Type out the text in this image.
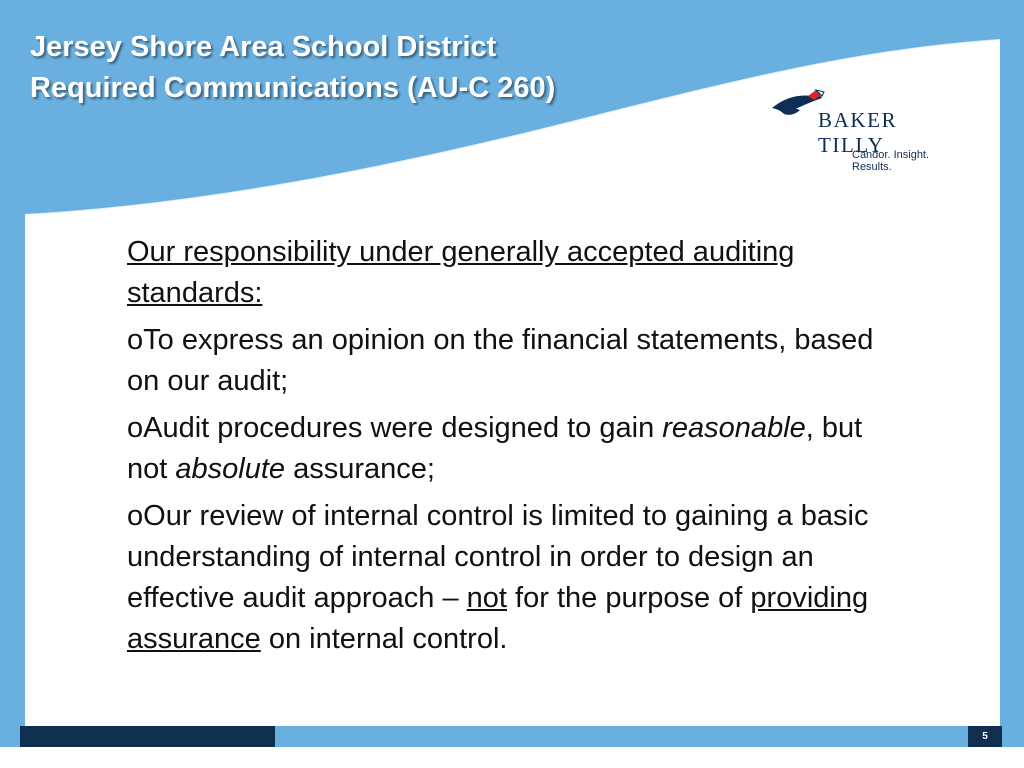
Jersey Shore Area School District
Required Communications (AU-C 260)
BAKER TILLY
Candor. Insight. Results.

Our responsibility under generally accepted auditing standards:

oTo express an opinion on the financial statements, based on our audit;

oAudit procedures were designed to gain reasonable, but not absolute assurance;

oOur review of internal control is limited to gaining a basic understanding of internal control in order to design an effective audit approach – not for the purpose of providing assurance on internal control.

5
